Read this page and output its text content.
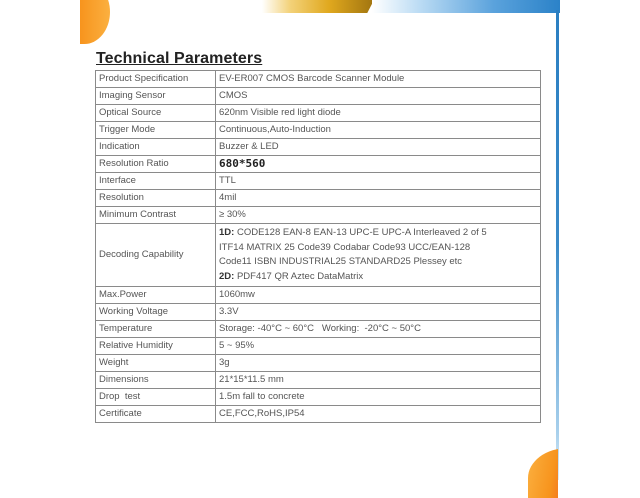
Technical Parameters
Product Specification	EV-ER007 CMOS Barcode Scanner Module
Imaging Sensor	CMOS
Optical Source	620nm Visible red light diode
Trigger Mode	Continuous,Auto-Induction
Indication	Buzzer & LED
Resolution Ratio	680*560
Interface	TTL
Resolution	4mil
Minimum Contrast	≥ 30%
Decoding Capability	1D: CODE128 EAN-8 EAN-13 UPC-E UPC-A Interleaved 2 of 5
ITF14 MATRIX 25 Code39 Codabar Code93 UCC/EAN-128
Code11 ISBN INDUSTRIAL25 STANDARD25 Plessey etc
2D: PDF417 QR Aztec DataMatrix

Max.Power	1060mw
Working Voltage	3.3V
Temperature	Storage: -40°C ~ 60°C   Working:  -20°C ~ 50°C
Relative Humidity	5 ~ 95%
Weight	3g
Dimensions	21*15*11.5 mm
Drop  test	1.5m fall to concrete
Certificate	CE,FCC,RoHS,IP54
